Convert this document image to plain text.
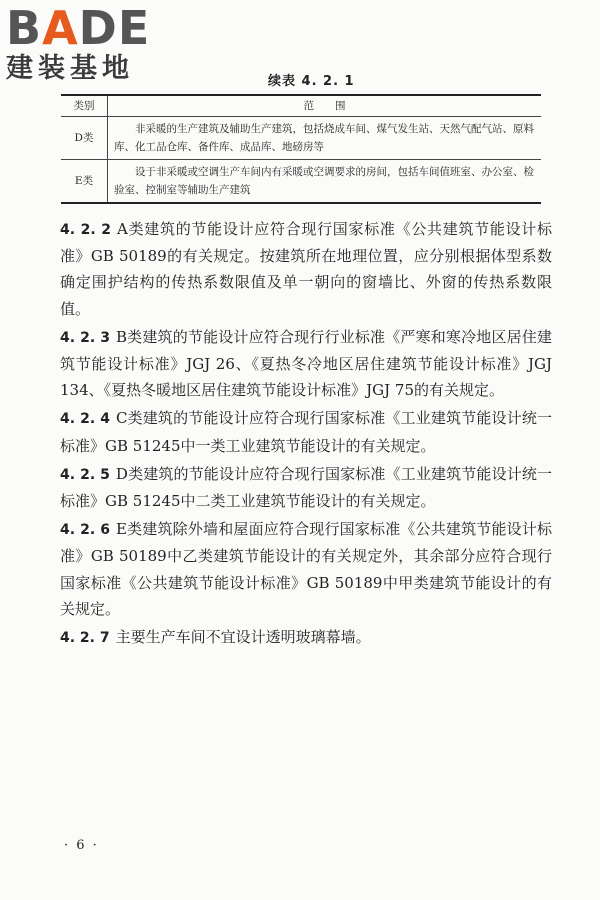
BADE
建装基地	续表 4. 2. 1
类别	范　　围
D类	非采暖的生产建筑及辅助生产建筑，包括烧成车间、煤气发生站、天然气配气站、原料库、化工品仓库、备件库、成品库、地磅房等
E类	设于非采暖或空调生产车间内有采暖或空调要求的房间，包括车间值班室、办公室、检验室、控制室等辅助生产建筑

4. 2. 2 A类建筑的节能设计应符合现行国家标准《公共建筑节能设计标准》GB 50189的有关规定。按建筑所在地理位置，应分别根据体型系数确定围护结构的传热系数限值及单一朝向的窗墙比、外窗的传热系数限值。

4. 2. 3 B类建筑的节能设计应符合现行行业标准《严寒和寒冷地区居住建筑节能设计标准》JGJ 26、《夏热冬冷地区居住建筑节能设计标准》JGJ 134、《夏热冬暖地区居住建筑节能设计标准》JGJ 75的有关规定。

4. 2. 4 C类建筑的节能设计应符合现行国家标准《工业建筑节能设计统一标准》GB 51245中一类工业建筑节能设计的有关规定。

4. 2. 5 D类建筑的节能设计应符合现行国家标准《工业建筑节能设计统一标准》GB 51245中二类工业建筑节能设计的有关规定。

4. 2. 6 E类建筑除外墙和屋面应符合现行国家标准《公共建筑节能设计标准》GB 50189中乙类建筑节能设计的有关规定外，其余部分应符合现行国家标准《公共建筑节能设计标准》GB 50189中甲类建筑节能设计的有关规定。

4. 2. 7 主要生产车间不宜设计透明玻璃幕墙。

· 6 ·
